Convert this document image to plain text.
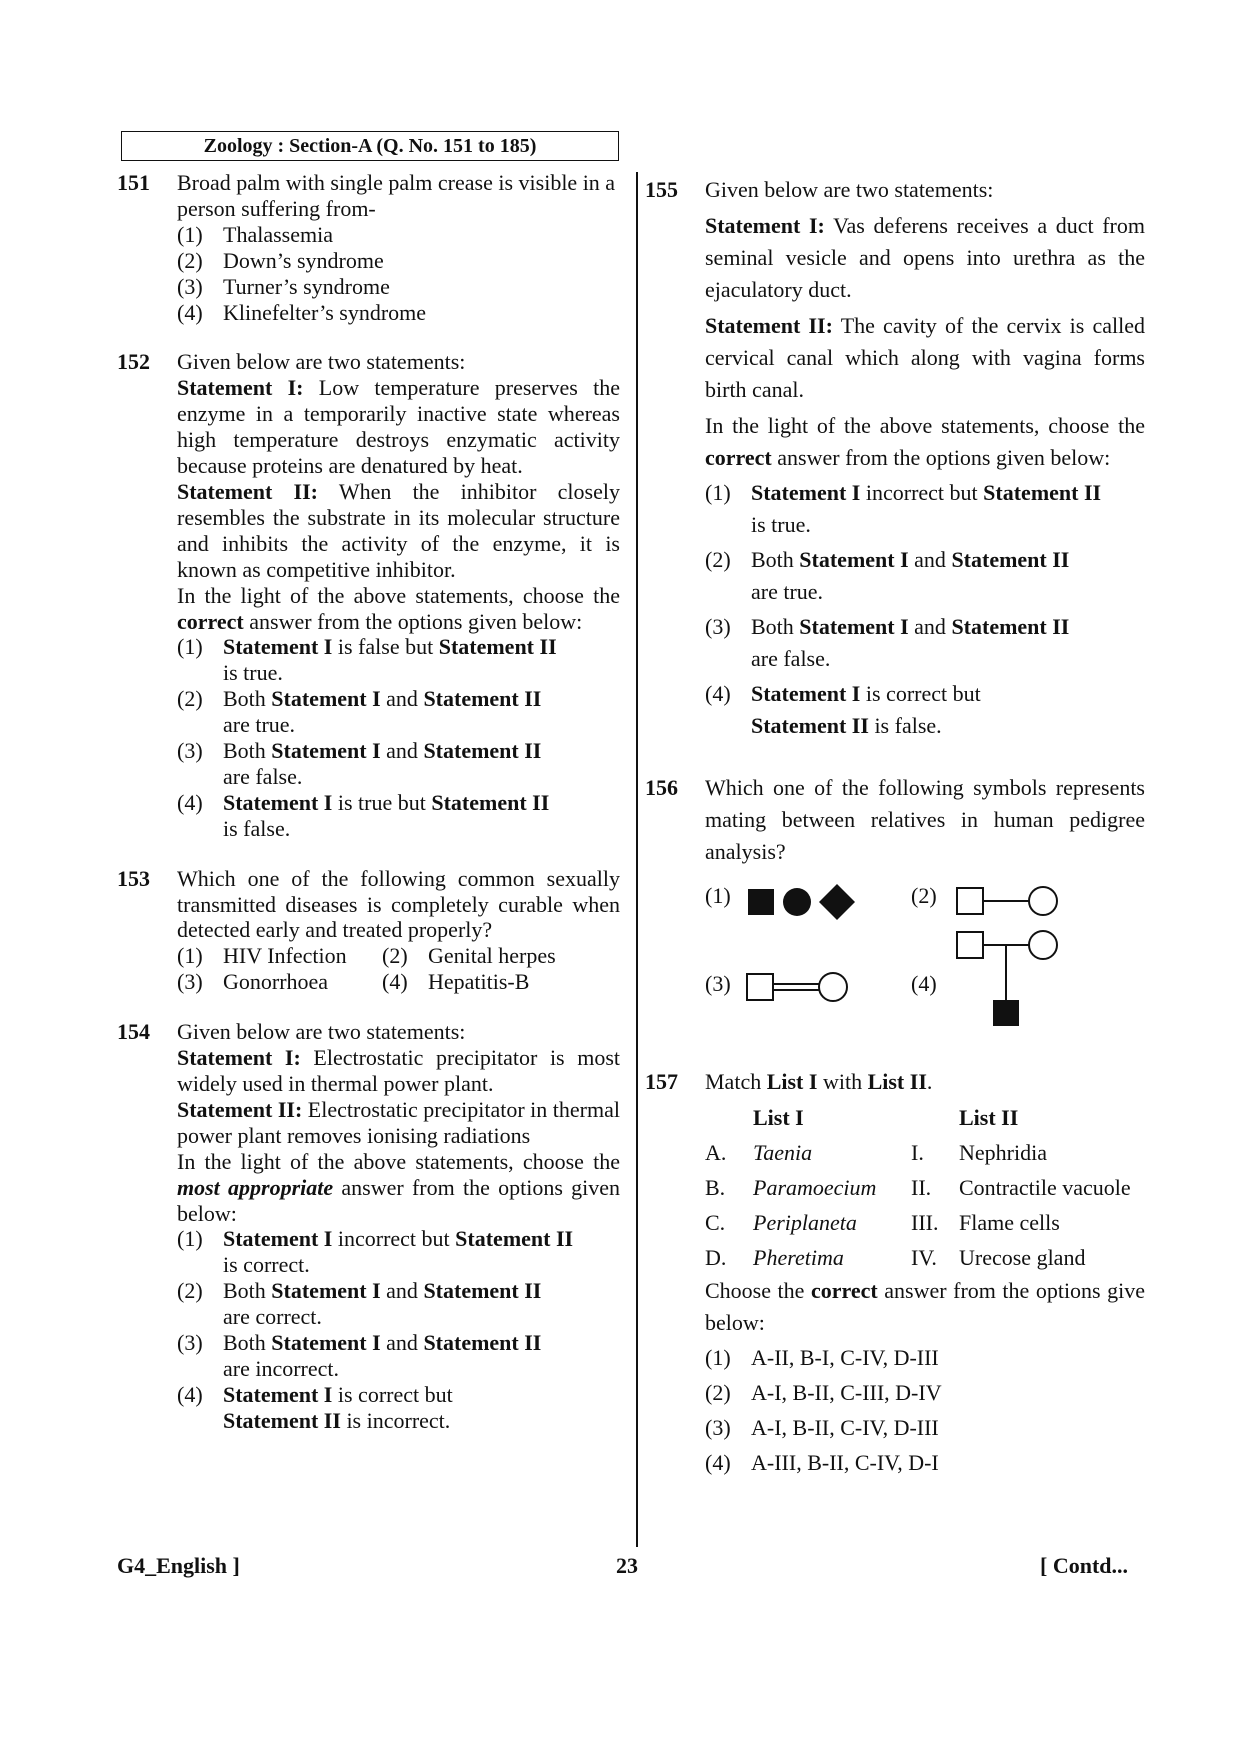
Zoology : Section-A (Q. No. 151 to 185)
151 Broad palm with single palm crease is visible in a person suffering from-
(1) Thalassemia
(2) Down’s syndrome
(3) Turner’s syndrome
(4) Klinefelter’s syndrome
152 Given below are two statements:
Statement I: Low temperature preserves the enzyme in a temporarily inactive state whereas high temperature destroys enzymatic activity because proteins are denatured by heat.
Statement II: When the inhibitor closely resembles the substrate in its molecular structure and inhibits the activity of the enzyme, it is known as competitive inhibitor.
In the light of the above statements, choose the correct answer from the options given below:
(1) Statement I is false but Statement II
is true.
(2) Both Statement I and Statement II
are true.
(3) Both Statement I and Statement II
are false.
(4) Statement I is true but Statement II
is false.
153 Which one of the following common sexually transmitted diseases is completely curable when detected early and treated properly?
(1) HIV Infection	(2) Genital herpes
(3) Gonorrhoea	(4) Hepatitis-B
154 Given below are two statements:
Statement I: Electrostatic precipitator is most widely used in thermal power plant.
Statement II: Electrostatic precipitator in thermal power plant removes ionising radiations
In the light of the above statements, choose the most appropriate answer from the options given below:
(1) Statement I incorrect but Statement II
is correct.
(2) Both Statement I and Statement II
are correct.
(3) Both Statement I and Statement II
are incorrect.
(4) Statement I is correct but
Statement II is incorrect.
155 Given below are two statements:
Statement I: Vas deferens receives a duct from seminal vesicle and opens into urethra as the ejaculatory duct.
Statement II: The cavity of the cervix is called cervical canal which along with vagina forms birth canal.
In the light of the above statements, choose the correct answer from the options given below:
(1) Statement I incorrect but Statement II
is true.
(2) Both Statement I and Statement II
are true.
(3) Both Statement I and Statement II
are false.
(4) Statement I is correct but
Statement II is false.
156 Which one of the following symbols represents mating between relatives in human pedigree analysis?
(1)	(2)
(3)	(4)
157 Match List I with List II.
List I	List II
A.	Taenia	I.	Nephridia
B.	Paramoecium	II.	Contractile vacuole
C.	Periplaneta	III. Flame cells
D.	Pheretima	IV.	Urecose gland
Choose the correct answer from the options give below:
(1) A-II, B-I, C-IV, D-III
(2) A-I, B-II, C-III, D-IV
(3) A-I, B-II, C-IV, D-III
(4) A-III, B-II, C-IV, D-I
G4_English ]	23	[ Contd...
